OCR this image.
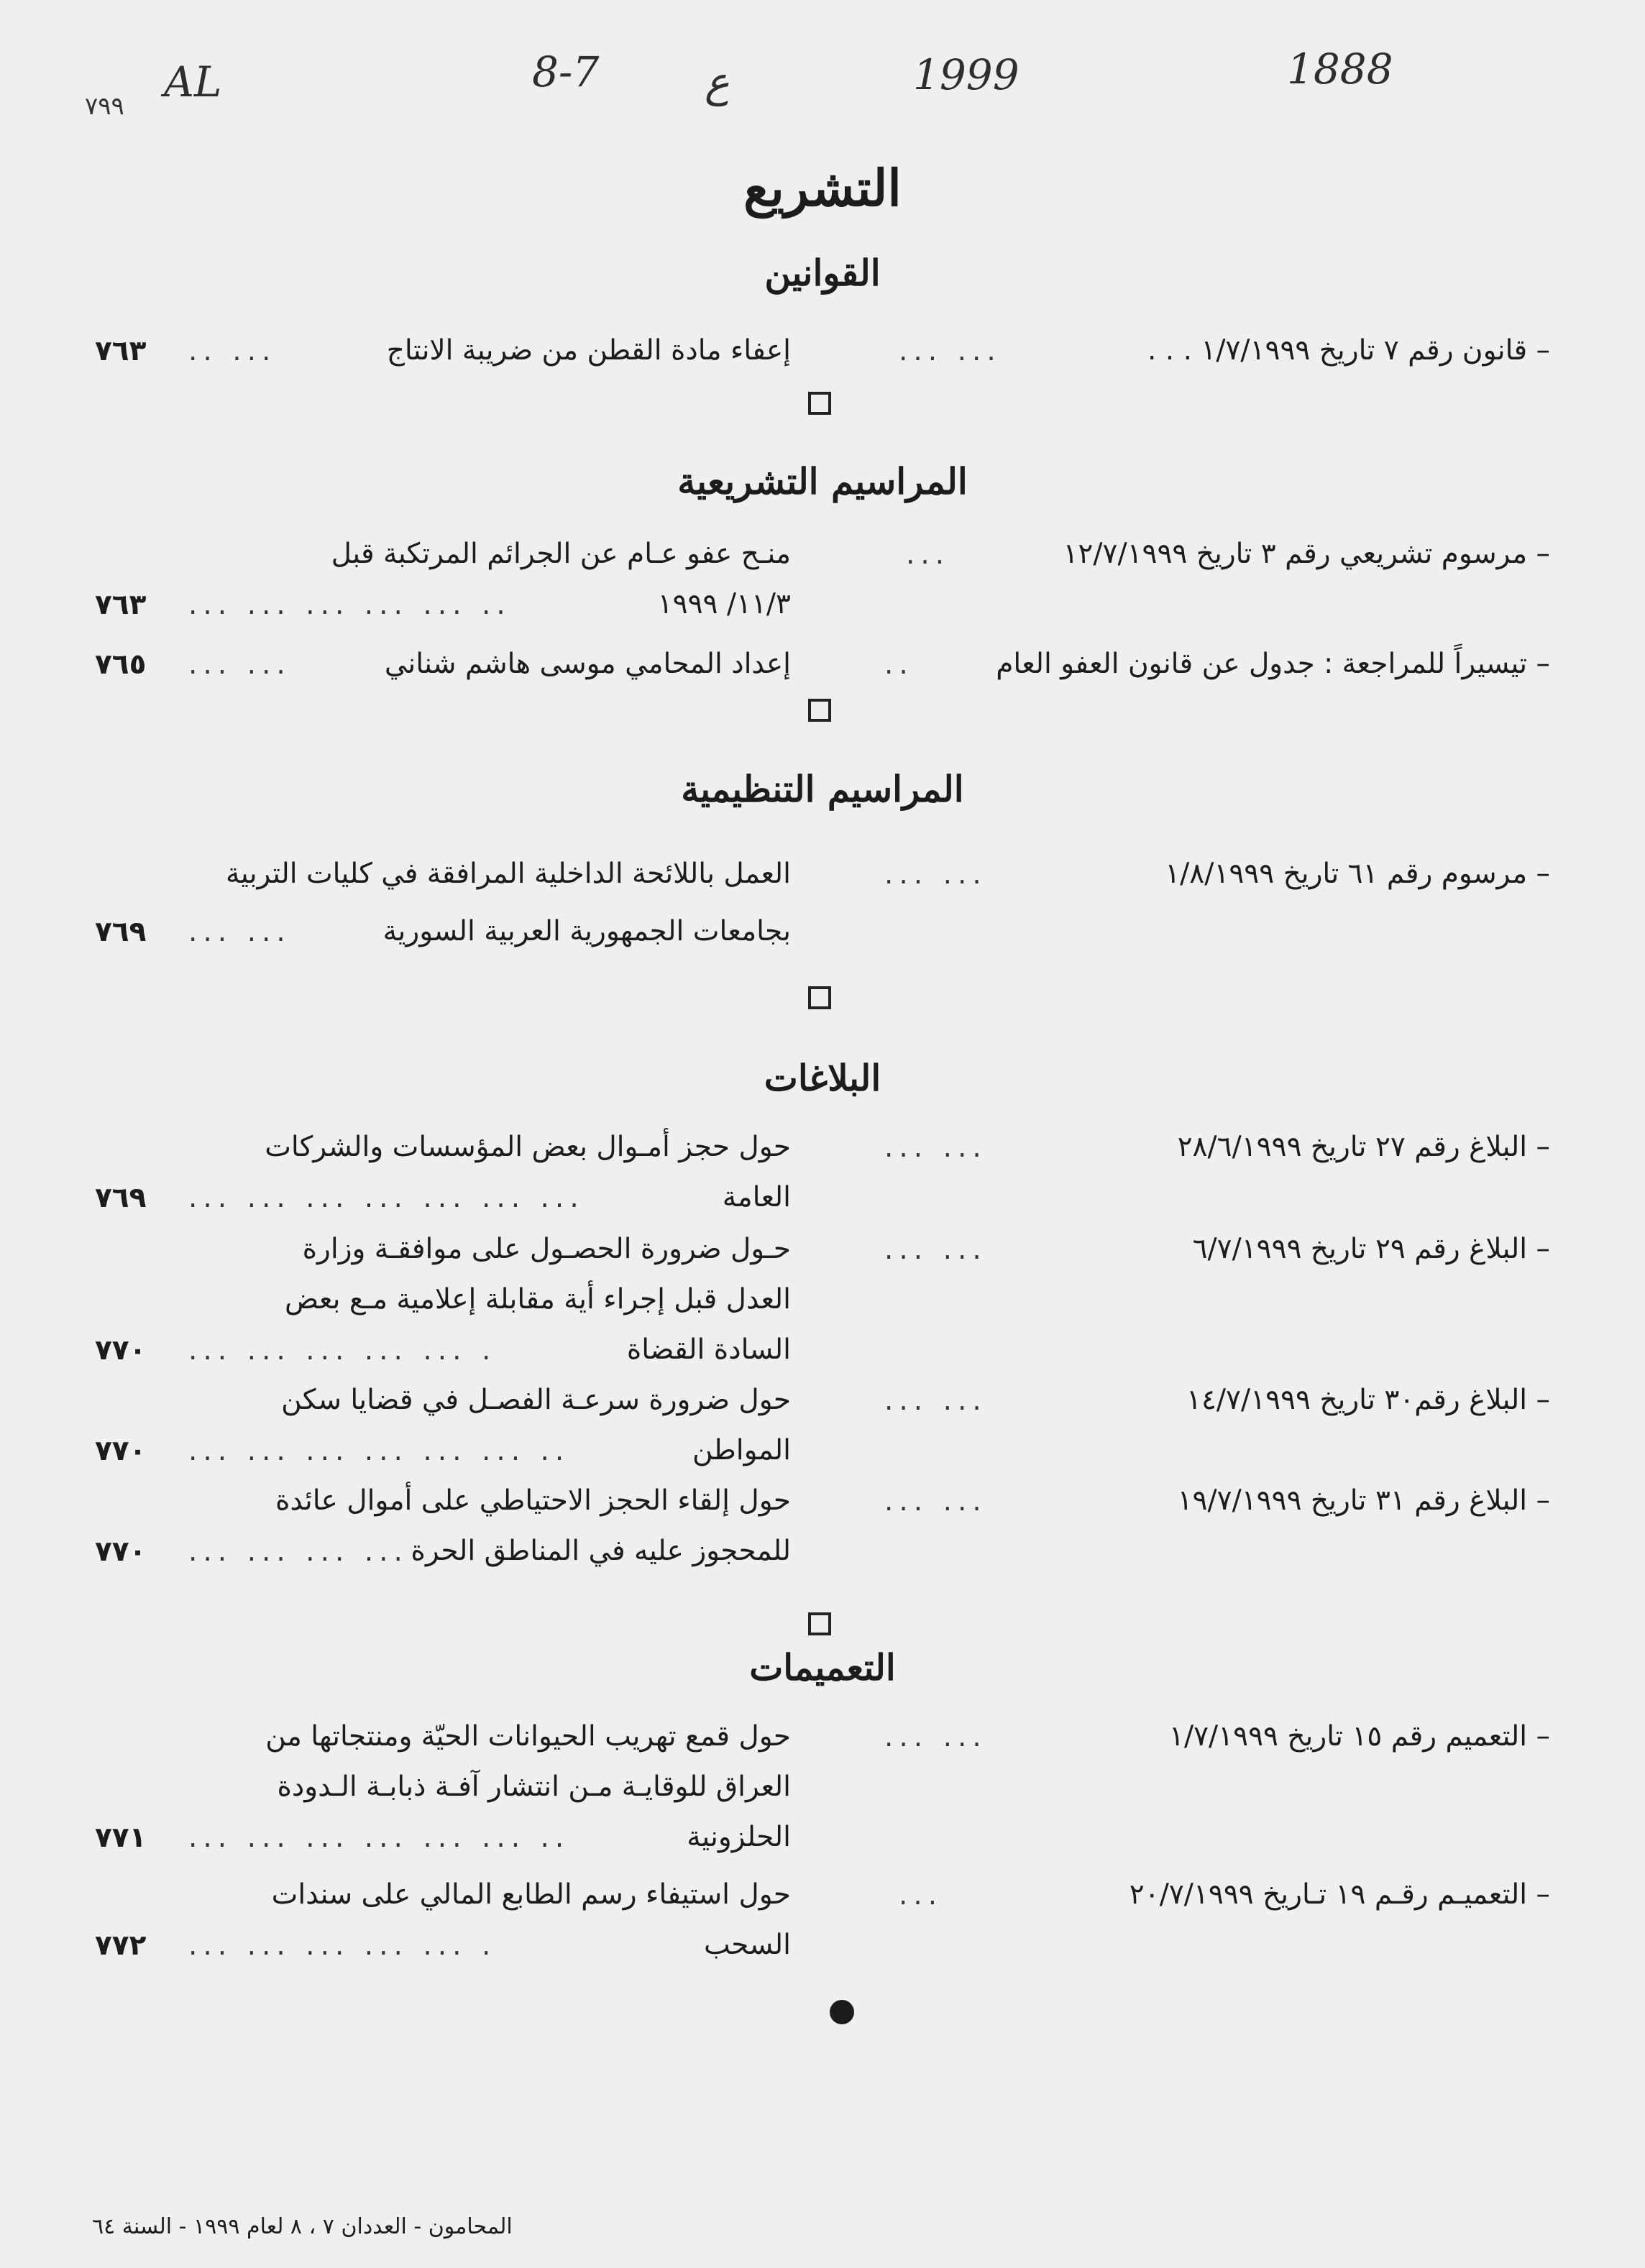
1888
1999
ع
8-7
AL
٧٩٩
التشريع
القوانين
– قانون رقم ٧ تاريخ ١/٧/١٩٩٩ . . .
إعفاء مادة القطن من ضريبة الانتاج
.. ...
٧٦٣	... ...
المراسيم التشريعية
– مرسوم تشريعي رقم ٣ تاريخ ١٢/٧/١٩٩٩
...
منـح عفو عـام عن الجرائم المرتكبة قبل
١١/٣/ ١٩٩٩
... ... ... ... ... ..
٧٦٣
– تيسيراً للمراجعة : جدول عن قانون العفو العام
..
إعداد المحامي موسى هاشم شناني
... ...
٧٦٥
المراسيم التنظيمية
– مرسوم رقم ٦١ تاريخ ١/٨/١٩٩٩
... ...
العمل باللائحة الداخلية المرافقة في كليات التربية
بجامعات الجمهورية العربية السورية
... ...
٧٦٩
البلاغات
– البلاغ رقم ٢٧ تاريخ ٢٨/٦/١٩٩٩
... ...
حول حجز أمـوال بعض المؤسسات والشركات
العامة
... ... ... ... ... ... ...
٧٦٩
– البلاغ رقم ٢٩ تاريخ ٦/٧/١٩٩٩
... ...
حـول ضرورة الحصـول على موافقـة وزارة
العدل قبل إجراء أية مقابلة إعلامية مـع بعض
السادة القضاة
... ... ... ... ... .
٧٧٠
– البلاغ رقم٣٠ تاريخ ١٤/٧/١٩٩٩
... ...
حول ضرورة سرعـة الفصـل في قضايا سكن
المواطن
... ... ... ... ... ... ..
٧٧٠
– البلاغ رقم ٣١ تاريخ ١٩/٧/١٩٩٩
... ...
حول إلقاء الحجز الاحتياطي على أموال عائدة
للمحجوز عليه في المناطق الحرة
... ... ... ...
٧٧٠
التعميمات
– التعميم رقم ١٥ تاريخ ١/٧/١٩٩٩
... ...
حول قمع تهريب الحيوانات الحيّة ومنتجاتها من
العراق للوقايـة مـن انتشار آفـة ذبابـة الـدودة
الحلزونية
... ... ... ... ... ... ..
٧٧١
– التعميـم رقـم ١٩ تـاريخ ٢٠/٧/١٩٩٩
...
حول استيفاء رسم الطابع المالي على سندات
السحب
... ... ... ... ... .
٧٧٢
المحامون - العددان ٧ ، ٨ لعام ١٩٩٩ - السنة ٦٤
